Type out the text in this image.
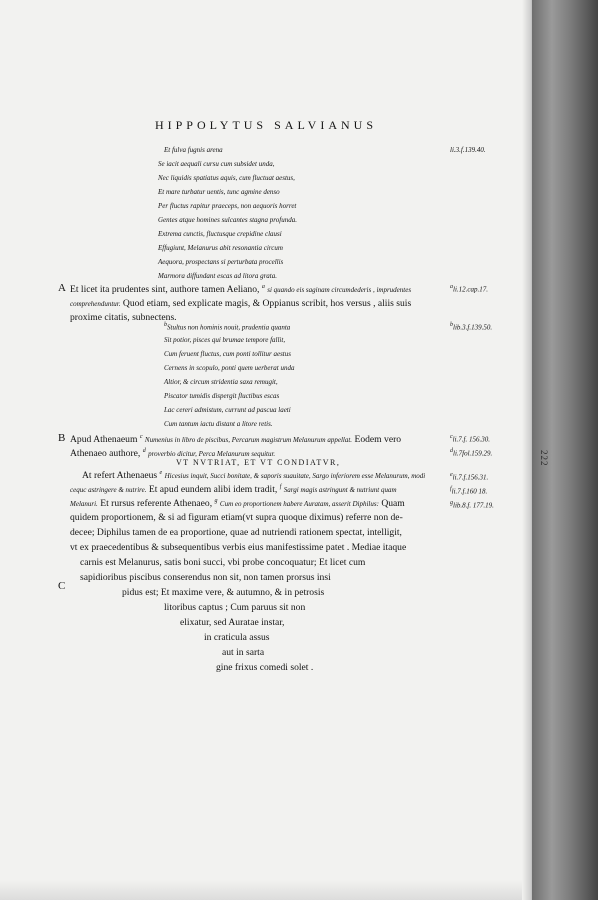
HIPPOLYTUS SALVIANUS
Et fulva fugnis arena
Se iacit aequali cursu cum subsidet unda,
Nec liquidis spatiatus aquis, cum fluctuat aestus,
Et mare turbatur uentis, tunc agmine denso
Per fluctus rapitur praeceps, non aequoris horret
Gentes atque homines sulcantes stagna profunda.
Extrema cunctis, fluctusque crepidine clausi
Effugiunt, Melanurus abit resonantia circum
Aequora, prospectans si perturbata procellis
Marmora diffundant escas ad litora grata.
A Et licet ita prudentes sint, authore tamen Aeliano, $^a$ si quando eis saginam circumdederis , imprudentes
comprehenduntur. Quod etiam, sed explicate magis, & Oppianus scribit, hos versus , aliis suis
proxime citatis, subnectens.
$^b$Stultus non hominis nouit, prudentia quanta
Sit potior, pisces qui brumae tempore fallit,
Cum feruent fluctus, cum ponti tollitur aestus
Cernens in scopulo, ponti quem uerberat unda
Altior, & circum stridentia saxa remugit,
Piscator tumidis dispergit fluctibus escas
Lac cereri admistum, currunt ad pascua laeti
Cum tantum iactu distant a litore retis.
B Apud Athenaeum $^c$ Numenius in libro de piscibus, Percarum magistrum Melanurum appellat. Eodem vero
Athenaeo authore, $^d$ proverbio dicitur, Perca Melanurum sequitur.
VT NVTRIAT, ET VT CONDIATVR,
At refert Athenaeus $^e$ Hicesius inquit, Succi bonitate, & saporis suauitate, Sargo inferiorem esse Melanurum, modi
cequc astringere & nutrire. Et apud eundem alibi idem tradit, $^f$ Sargi magis astringunt & nutriunt quam
Melanuri. Et rursus referente Athenaeo, $^g$ Cum eo proportionem habere Auratam, asserit Diphilus: Quam
quidem proportionem, & si ad figuram etiam(vt supra quoque diximus) referre non de-
decee; Diphilus tamen de ea proportione, quae ad nutriendi rationem spectat, intelligit,
vt ex praecedentibus & subsequentibus verbis eius manifestissime patet . Mediae itaque
carnis est Melanurus, satis boni succi, vbi probe concoquatur; Et licet cum
C
sapidioribus piscibus conserendus non sit, non tamen prorsus insi
pidus est; Et maxime vere, & autumno, & in petrosis
litoribus captus ; Cum paruus sit non
elixatur, sed Auratae instar,
in craticula assus
aut in sarta
gine frixus comedi solet .
li.3.f.139.40.
$^a$li.12.cap.17.
$^b$lib.3.f.139.50.
$^c$li.7.f. 156.30.
$^d$li.7fol.159.29.
$^e$li.7.f.156.31.
$^f$li.7.f.160 18.
$^g$lib.8.f. 177.19.
222
